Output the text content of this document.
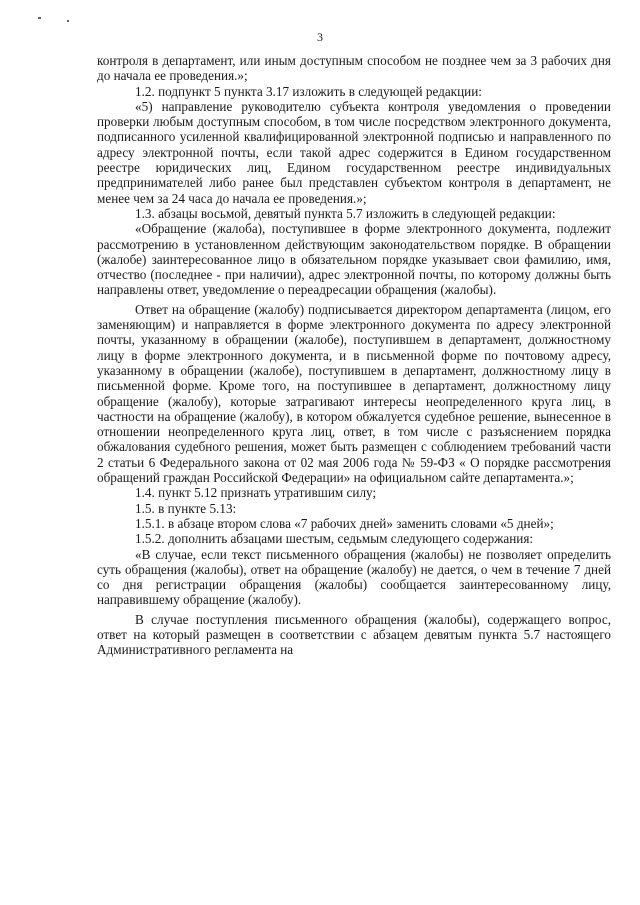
3

контроля в департамент, или иным доступным способом не позднее чем за 3 рабочих дня до начала ее проведения.»;

1.2. подпункт 5 пункта 3.17 изложить в следующей редакции:

«5) направление руководителю субъекта контроля уведомления о проведении проверки любым доступным способом, в том числе посредством электронного документа, подписанного усиленной квалифицированной электронной подписью и направленного по адресу электронной почты, если такой адрес содержится в Едином государственном реестре юридических лиц, Едином государственном реестре индивидуальных предпринимателей либо ранее был представлен субъектом контроля в департамент, не менее чем за 24 часа до начала ее проведения.»;

1.3. абзацы восьмой, девятый пункта 5.7 изложить в следующей редакции:

«Обращение (жалоба), поступившее в форме электронного документа, подлежит рассмотрению в установленном действующим законодательством порядке. В обращении (жалобе) заинтересованное лицо в обязательном порядке указывает свои фамилию, имя, отчество (последнее - при наличии), адрес электронной почты, по которому должны быть направлены ответ, уведомление о переадресации обращения (жалобы).

Ответ на обращение (жалобу) подписывается директором департамента (лицом, его заменяющим) и направляется в форме электронного документа по адресу электронной почты, указанному в обращении (жалобе), поступившем в департамент, должностному лицу в форме электронного документа, и в письменной форме по почтовому адресу, указанному в обращении (жалобе), поступившем в департамент, должностному лицу в письменной форме. Кроме того, на поступившее в департамент, должностному лицу обращение (жалобу), которые затрагивают интересы неопределенного круга лиц, в частности на обращение (жалобу), в котором обжалуется судебное решение, вынесенное в отношении неопределенного круга лиц, ответ, в том числе с разъяснением порядка обжалования судебного решения, может быть размещен с соблюдением требований части 2 статьи 6 Федерального закона от 02 мая 2006 года № 59-ФЗ « О порядке рассмотрения обращений граждан Российской Федерации» на официальном сайте департамента.»;

1.4. пункт 5.12 признать утратившим силу;

1.5. в пункте 5.13:

1.5.1. в абзаце втором слова «7 рабочих дней» заменить словами «5 дней»;

1.5.2. дополнить абзацами шестым, седьмым следующего содержания:

«В случае, если текст письменного обращения (жалобы) не позволяет определить суть обращения (жалобы), ответ на обращение (жалобу) не дается, о чем в течение 7 дней со дня регистрации обращения (жалобы) сообщается заинтересованному лицу, направившему обращение (жалобу).

В случае поступления письменного обращения (жалобы), содержащего вопрос, ответ на который размещен в соответствии с абзацем девятым пункта 5.7 настоящего Административного регламента на
